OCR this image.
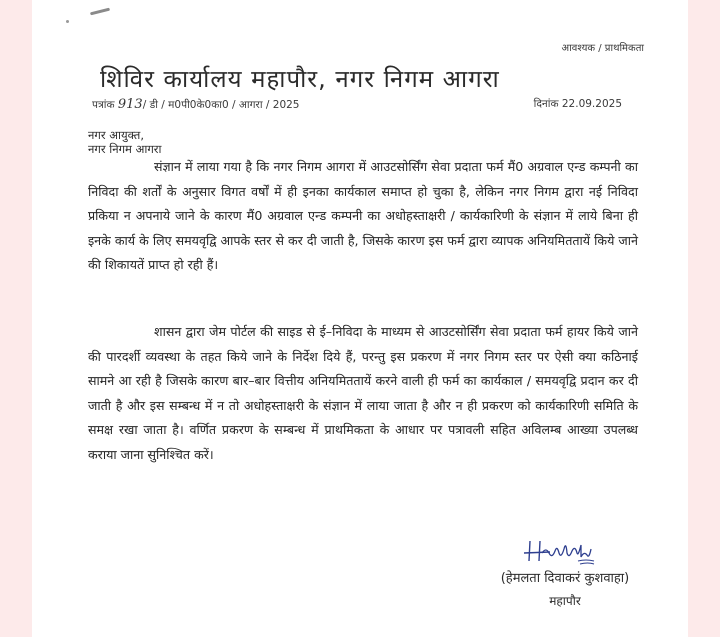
आवश्यक / प्राथमिकता
शिविर कार्यालय महापौर, नगर निगम आगरा
पत्रांक 913/ डी / म0पी0के0का0 / आगरा / 2025	दिनांक 22.09.2025
नगर आयुक्त,
नगर निगम आगरा

संज्ञान में लाया गया है कि नगर निगम आगरा में आउटसोर्सिंग सेवा प्रदाता फर्म मैं0 अग्रवाल एन्ड कम्पनी का निविदा की शर्तों के अनुसार विगत वर्षों में ही इनका कार्यकाल समाप्त हो चुका है, लेकिन नगर निगम द्वारा नई निविदा प्रकिया न अपनाये जाने के कारण मैं0 अग्रवाल एन्ड कम्पनी का अधोहस्ताक्षरी / कार्यकारिणी के संज्ञान में लाये बिना ही इनके कार्य के लिए समयवृद्वि आपके स्तर से कर दी जाती है, जिसके कारण इस फर्म द्वारा व्यापक अनियमिततायें किये जाने की शिकायतें प्राप्त हो रही हैं।

शासन द्वारा जेम पोर्टल की साइड से ई–निविदा के माध्यम से आउटसोर्सिंग सेवा प्रदाता फर्म हायर किये जाने की पारदर्शी व्यवस्था के तहत किये जाने के निर्देश दिये हैं, परन्तु इस प्रकरण में नगर निगम स्तर पर ऐसी क्या कठिनाई सामने आ रही है जिसके कारण बार–बार वित्तीय अनियमिततायें करने वाली ही फर्म का कार्यकाल / समयवृद्वि प्रदान कर दी जाती है और इस सम्बन्ध में न तो अधोहस्ताक्षरी के संज्ञान में लाया जाता है और न ही प्रकरण को कार्यकारिणी समिति के समक्ष रखा जाता है। वर्णित प्रकरण के सम्बन्ध में प्राथमिकता के आधार पर पत्रावली सहित अविलम्ब आख्या उपलब्ध कराया जाना सुनिश्चित करें।

(हेमलता दिवाकरं कुशवाहा)
महापौर
